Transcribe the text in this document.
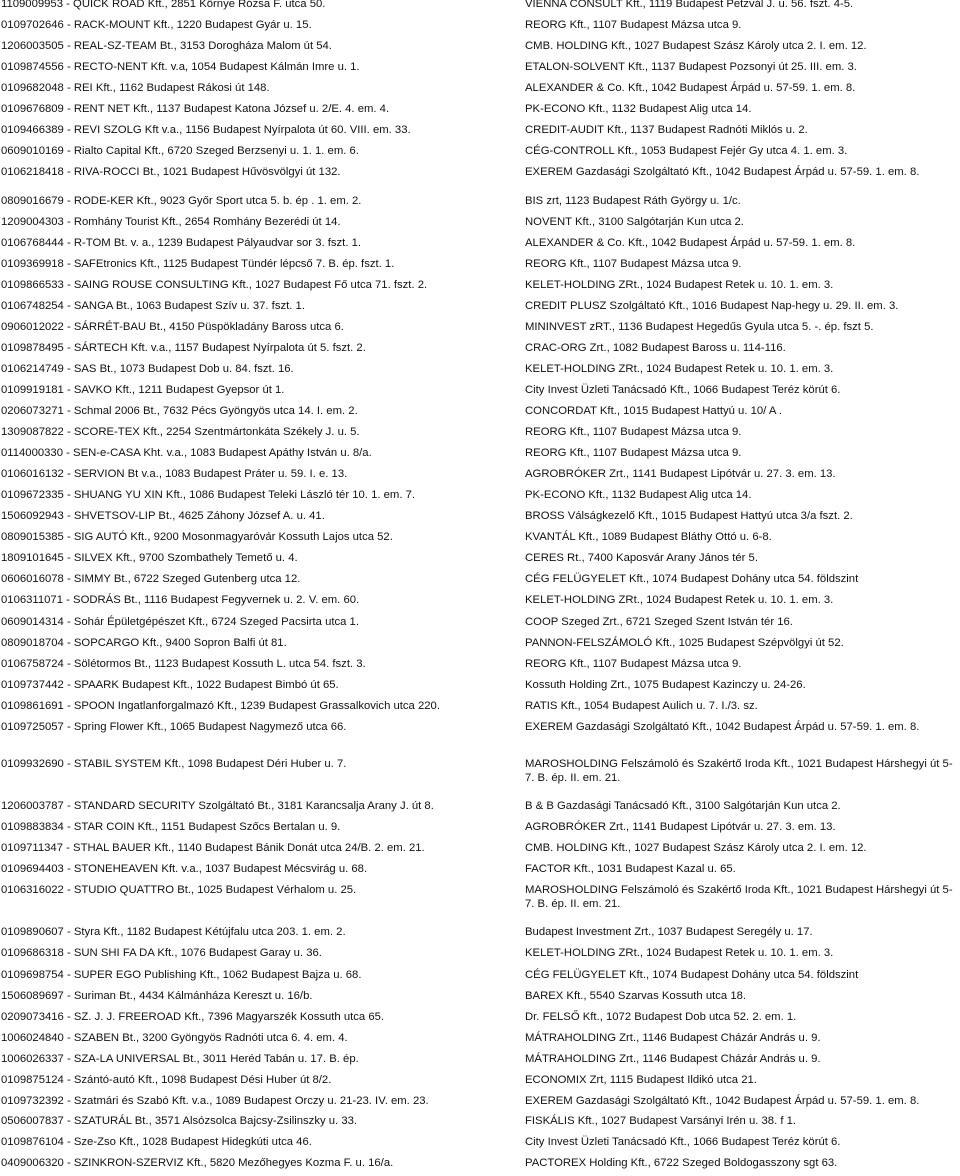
1109009953 - QUICK ROAD Kft., 2851 Környe Rózsa F. utca 50.	VIENNA CONSULT Kft., 1119 Budapest Petzvál J. u. 56. fszt. 4-5.
0109702646 - RACK-MOUNT Kft., 1220 Budapest Gyár u. 15.	REORG Kft., 1107 Budapest Mázsa utca 9.
1206003505 - REAL-SZ-TEAM Bt., 3153 Dorogháza Malom út 54.	CMB. HOLDING Kft., 1027 Budapest Szász Károly utca 2. I. em. 12.
0109874556 - RECTO-NENT Kft. v.a, 1054 Budapest Kálmán Imre u. 1.	ETALON-SOLVENT Kft., 1137 Budapest Pozsonyi út 25. III. em. 3.
0109682048 - REI Kft., 1162 Budapest Rákosi út 148.	ALEXANDER & Co. Kft., 1042 Budapest Árpád u. 57-59. 1. em. 8.
0109676809 - RENT NET Kft., 1137 Budapest Katona József u. 2/E. 4. em. 4.	PK-ECONO Kft., 1132 Budapest Alig utca 14.
0109466389 - REVI SZOLG Kft v.a., 1156 Budapest Nyírpalota út 60. VIII. em. 33.	CREDIT-AUDIT Kft., 1137 Budapest Radnóti Miklós u. 2.
0609010169 - Rialto Capital Kft., 6720 Szeged Berzsenyi u. 1. 1. em. 6.	CÉG-CONTROLL Kft., 1053 Budapest Fejér Gy utca 4. 1. em. 3.
0106218418 - RIVA-ROCCI Bt., 1021 Budapest Hűvösvölgyi út 132.	EXEREM Gazdasági Szolgáltató Kft., 1042 Budapest Árpád u. 57-59. 1. em. 8.
0809016679 - RODE-KER Kft., 9023 Győr Sport utca 5. b. ép . 1. em. 2.	BIS zrt, 1123 Budapest Ráth György u. 1/c.
1209004303 - Romhány Tourist Kft., 2654 Romhány Bezerédi út 14.	NOVENT Kft., 3100 Salgótarján Kun utca 2.
0106768444 - R-TOM Bt. v. a., 1239 Budapest Pályaudvar sor 3. fszt. 1.	ALEXANDER & Co. Kft., 1042 Budapest Árpád u. 57-59. 1. em. 8.
0109369918 - SAFEtronics Kft., 1125 Budapest Tündér lépcső 7. B. ép. fszt. 1.	REORG Kft., 1107 Budapest Mázsa utca 9.
0109866533 - SAING ROUSE CONSULTING Kft., 1027 Budapest Fő utca 71. fszt. 2.	KELET-HOLDING ZRt., 1024 Budapest Retek u. 10. 1. em. 3.
0106748254 - SANGA Bt., 1063 Budapest Szív u. 37. fszt. 1.	CREDIT PLUSZ Szolgáltató Kft., 1016 Budapest Nap-hegy u. 29. II. em. 3.
0906012022 - SÁRRÉT-BAU Bt., 4150 Püspökladány Baross utca 6.	MININVEST zRT., 1136 Budapest Hegedűs Gyula utca 5. -. ép. fszt 5.
0109878495 - SÁRTECH Kft. v.a., 1157 Budapest Nyírpalota út 5. fszt. 2.	CRAC-ORG Zrt., 1082 Budapest Baross u. 114-116.
0106214749 - SAS Bt., 1073 Budapest Dob u. 84. fszt. 16.	KELET-HOLDING ZRt., 1024 Budapest Retek u. 10. 1. em. 3.
0109919181 - SAVKO Kft., 1211 Budapest Gyepsor út 1.	City Invest Üzleti Tanácsadó Kft., 1066 Budapest Teréz körút 6.
0206073271 - Schmal 2006 Bt., 7632 Pécs Gyöngyös utca 14. I. em. 2.	CONCORDAT Kft., 1015 Budapest Hattyú u. 10/ A .
1309087822 - SCORE-TEX Kft., 2254 Szentmártonkáta Székely J. u. 5.	REORG Kft., 1107 Budapest Mázsa utca 9.
0114000330 - SEN-e-CASA Kht. v.a., 1083 Budapest Apáthy István u. 8/a.	REORG Kft., 1107 Budapest Mázsa utca 9.
0106016132 - SERVION Bt v.a., 1083 Budapest Práter u. 59. I. e. 13.	AGROBRÓKER Zrt., 1141 Budapest Lipótvár u. 27. 3. em. 13.
0109672335 - SHUANG YU XIN Kft., 1086 Budapest Teleki László tér 10. 1. em. 7.	PK-ECONO Kft., 1132 Budapest Alig utca 14.
1506092943 - SHVETSOV-LIP Bt., 4625 Záhony József A. u. 41.	BROSS Válságkezelő Kft., 1015 Budapest Hattyú utca 3/a fszt. 2.
0809015385 - SIG AUTÓ Kft., 9200 Mosonmagyaróvár Kossuth Lajos utca 52.	KVANTÁL Kft., 1089 Budapest Bláthy Ottó u. 6-8.
1809101645 - SILVEX Kft., 9700 Szombathely Temető u. 4.	CERES Rt., 7400 Kaposvár Arany János tér 5.
0606016078 - SIMMY Bt., 6722 Szeged Gutenberg utca 12.	CÉG FELÜGYELET Kft., 1074 Budapest Dohány utca 54. földszint
0106311071 - SODRÁS Bt., 1116 Budapest Fegyvernek u. 2. V. em. 60.	KELET-HOLDING ZRt., 1024 Budapest Retek u. 10. 1. em. 3.
0609014314 - Sohár Épületgépészet Kft., 6724 Szeged Pacsirta utca 1.	COOP Szeged Zrt., 6721 Szeged Szent István tér 16.
0809018704 - SOPCARGO Kft., 9400 Sopron Balfi út 81.	PANNON-FELSZÁMOLÓ Kft., 1025 Budapest Szépvölgyi út 52.
0106758724 - Sölétormos Bt., 1123 Budapest Kossuth L. utca 54. fszt. 3.	REORG Kft., 1107 Budapest Mázsa utca 9.
0109737442 - SPAARK Budapest Kft., 1022 Budapest Bimbó út 65.	Kossuth Holding Zrt., 1075 Budapest Kazinczy u. 24-26.
0109861691 - SPOON Ingatlanforgalmazó Kft., 1239 Budapest Grassalkovich utca 220.	RATIS Kft., 1054 Budapest Aulich u. 7. I./3. sz.
0109725057 - Spring Flower Kft., 1065 Budapest Nagymező utca 66.	EXEREM Gazdasági Szolgáltató Kft., 1042 Budapest Árpád u. 57-59. 1. em. 8.
0109932690 - STABIL SYSTEM Kft., 1098 Budapest Déri Huber u. 7.	MAROSHOLDING Felszámoló és Szakértő Iroda Kft., 1021 Budapest Hárshegyi út 5-7. B. ép. II. em. 21.
1206003787 - STANDARD SECURITY Szolgáltató Bt., 3181 Karancsalja Arany J. út 8.	B & B Gazdasági Tanácsadó Kft., 3100 Salgótarján Kun utca 2.
0109883834 - STAR COIN Kft., 1151 Budapest Szőcs Bertalan u. 9.	AGROBRÓKER Zrt., 1141 Budapest Lipótvár u. 27. 3. em. 13.
0109711347 - STHAL BAUER Kft., 1140 Budapest Bánik Donát utca 24/B. 2. em. 21.	CMB. HOLDING Kft., 1027 Budapest Szász Károly utca 2. I. em. 12.
0109694403 - STONEHEAVEN Kft. v.a., 1037 Budapest Mécsvirág u. 68.	FACTOR Kft., 1031 Budapest Kazal u. 65.
0106316022 - STUDIO QUATTRO Bt., 1025 Budapest Vérhalom u. 25.	MAROSHOLDING Felszámoló és Szakértő Iroda Kft., 1021 Budapest Hárshegyi út 5-7. B. ép. II. em. 21.
0109890607 - Styra Kft., 1182 Budapest Kétújfalu utca 203. 1. em. 2.	Budapest Investment Zrt., 1037 Budapest Seregély u. 17.
0109686318 - SUN SHI FA DA Kft., 1076 Budapest Garay u. 36.	KELET-HOLDING ZRt., 1024 Budapest Retek u. 10. 1. em. 3.
0109698754 - SUPER EGO Publishing Kft., 1062 Budapest Bajza u. 68.	CÉG FELÜGYELET Kft., 1074 Budapest Dohány utca 54. földszint
1506089697 - Suriman Bt., 4434 Kálmánháza Kereszt u. 16/b.	BAREX Kft., 5540 Szarvas Kossuth utca 18.
0209073416 - SZ. J. J. FREEROAD Kft., 7396 Magyarszék Kossuth utca 65.	Dr. FELSŐ Kft., 1072 Budapest Dob utca 52. 2. em. 1.
1006024840 - SZABEN Bt., 3200 Gyöngyös Radnóti utca 6. 4. em. 4.	MÁTRAHOLDING Zrt., 1146 Budapest Cházár András u. 9.
1006026337 - SZA-LA UNIVERSAL Bt., 3011 Heréd Tabán u. 17. B. ép.	MÁTRAHOLDING Zrt., 1146 Budapest Cházár András u. 9.
0109875124 - Szántó-autó Kft., 1098 Budapest Dési Huber út 8/2.	ECONOMIX Zrt, 1115 Budapest Ildikó utca 21.
0109732392 - Szatmári és Szabó Kft. v.a., 1089 Budapest Orczy u. 21-23. IV. em. 23.	EXEREM Gazdasági Szolgáltató Kft., 1042 Budapest Árpád u. 57-59. 1. em. 8.
0506007837 - SZATURÁL Bt., 3571 Alsózsolca Bajcsy-Zsilinszky u. 33.	FISKÁLIS Kft., 1027 Budapest Varsányi Irén u. 38. f 1.
0109876104 - Sze-Zso Kft., 1028 Budapest Hidegkúti utca 46.	City Invest Üzleti Tanácsadó Kft., 1066 Budapest Teréz körút 6.
0409006320 - SZINKRON-SZERVIZ Kft., 5820 Mezőhegyes Kozma F. u. 16/a.	PACTOREX Holding Kft., 6722 Szeged Boldogasszony sgt 63.
